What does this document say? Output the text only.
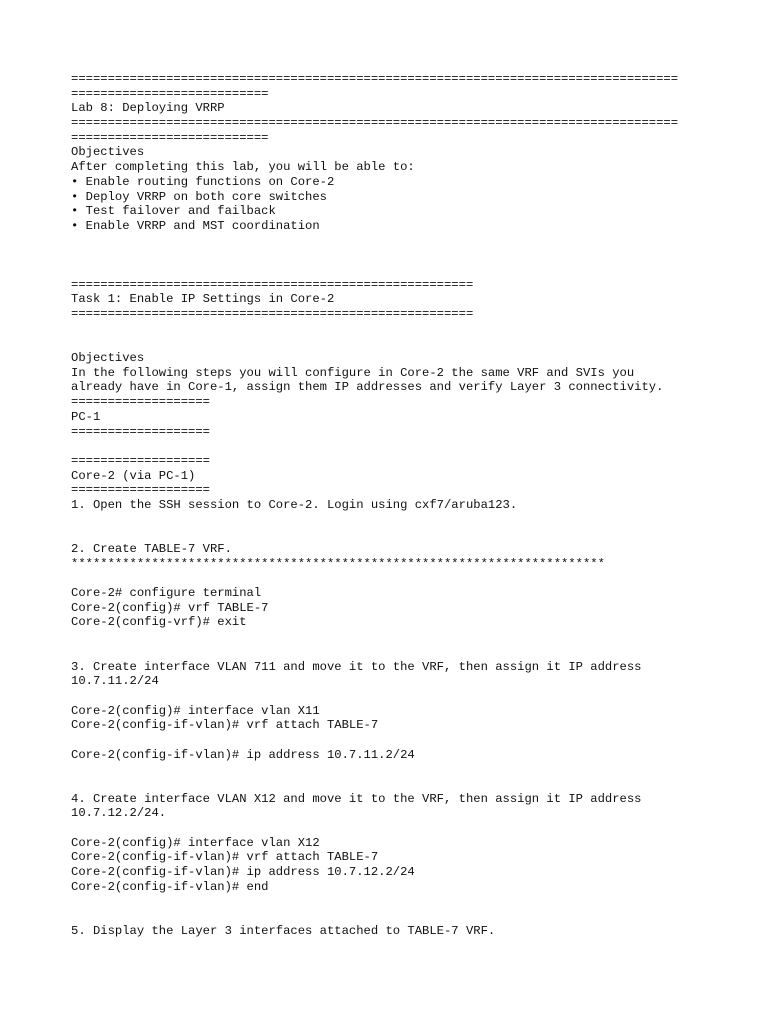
===================================================================================
===========================
Lab 8: Deploying VRRP
===================================================================================
===========================
Objectives
After completing this lab, you will be able to:
• Enable routing functions on Core-2
• Deploy VRRP on both core switches
• Test failover and failback
• Enable VRRP and MST coordination
=======================================================
Task 1: Enable IP Settings in Core-2
=======================================================
Objectives
In the following steps you will configure in Core-2 the same VRF and SVIs you
already have in Core-1, assign them IP addresses and verify Layer 3 connectivity.
===================
PC-1
===================
===================
Core-2 (via PC-1)
===================
1. Open the SSH session to Core-2. Login using cxf7/aruba123.
2. Create TABLE-7 VRF.
*************************************************************************
Core-2# configure terminal
Core-2(config)# vrf TABLE-7
Core-2(config-vrf)# exit
3. Create interface VLAN 711 and move it to the VRF, then assign it IP address
10.7.11.2/24
Core-2(config)# interface vlan X11
Core-2(config-if-vlan)# vrf attach TABLE-7
Core-2(config-if-vlan)# ip address 10.7.11.2/24
4. Create interface VLAN X12 and move it to the VRF, then assign it IP address
10.7.12.2/24.
Core-2(config)# interface vlan X12
Core-2(config-if-vlan)# vrf attach TABLE-7
Core-2(config-if-vlan)# ip address 10.7.12.2/24
Core-2(config-if-vlan)# end
5. Display the Layer 3 interfaces attached to TABLE-7 VRF.
